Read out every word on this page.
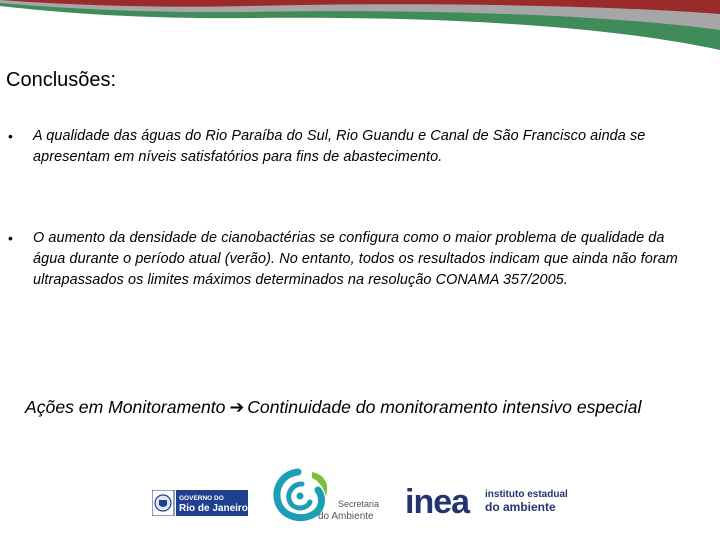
Conclusões:
• A qualidade das águas do Rio Paraíba do Sul, Rio Guandu e Canal de São Francisco ainda se apresentam em níveis satisfatórios para fins de abastecimento.
• O aumento da densidade de cianobactérias se configura como o maior problema de qualidade da água durante o período atual (verão). No entanto, todos os resultados indicam que ainda não foram ultrapassados os limites máximos determinados na resolução CONAMA 357/2005.
Ações em Monitoramento ➔ Continuidade do monitoramento intensivo especial
GOVERNO DO
Rio de Janeiro	Secretaria
do Ambiente inea instituto estadual
do ambiente
